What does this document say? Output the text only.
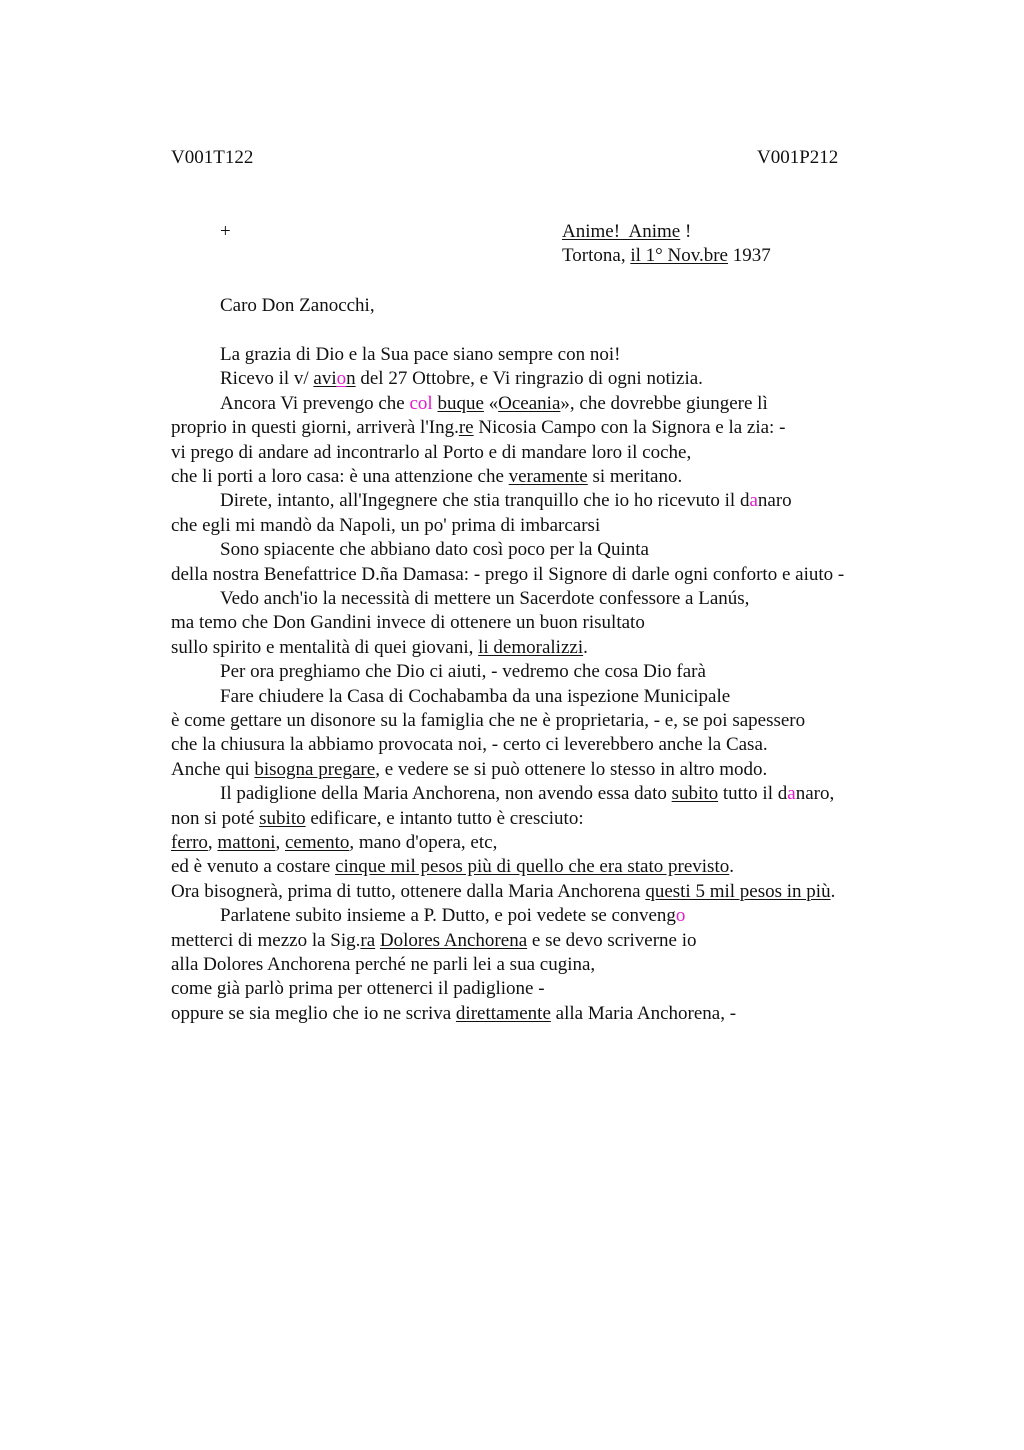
V001T122	V001P212
+	Anime! Anime !
Tortona, il 1° Nov.bre 1937
Caro Don Zanocchi,
La grazia di Dio e la Sua pace siano sempre con noi!
Ricevo il v/ avion del 27 Ottobre, e Vi ringrazio di ogni notizia.
Ancora Vi prevengo che col buque «Oceania», che dovrebbe giungere lì
proprio in questi giorni, arriverà l'Ing.re Nicosia Campo con la Signora e la zia: -
vi prego di andare ad incontrarlo al Porto e di mandare loro il coche,
che li porti a loro casa: è una attenzione che veramente si meritano.
Direte, intanto, all'Ingegnere che stia tranquillo che io ho ricevuto il danaro
che egli mi mandò da Napoli, un po' prima di imbarcarsi
Sono spiacente che abbiano dato così poco per la Quinta
della nostra Benefattrice D.ña Damasa: - prego il Signore di darle ogni conforto e aiuto -
Vedo anch'io la necessità di mettere un Sacerdote confessore a Lanús,
ma temo che Don Gandini invece di ottenere un buon risultato
sullo spirito e mentalità di quei giovani, li demoralizzi.
Per ora preghiamo che Dio ci aiuti, - vedremo che cosa Dio farà
Fare chiudere la Casa di Cochabamba da una ispezione Municipale
è come gettare un disonore su la famiglia che ne è proprietaria, - e, se poi sapessero
che la chiusura la abbiamo provocata noi, - certo ci leverebbero anche la Casa.
Anche qui bisogna pregare, e vedere se si può ottenere lo stesso in altro modo.
Il padiglione della Maria Anchorena, non avendo essa dato subito tutto il danaro,
non si poté subito edificare, e intanto tutto è cresciuto:
ferro, mattoni, cemento, mano d'opera, etc,
ed è venuto a costare cinque mil pesos più di quello che era stato previsto.
Ora bisognerà, prima di tutto, ottenere dalla Maria Anchorena questi 5 mil pesos in più.
Parlatene subito insieme a P. Dutto, e poi vedete se convengo
metterci di mezzo la Sig.ra Dolores Anchorena e se devo scriverne io
alla Dolores Anchorena perché ne parli lei a sua cugina,
come già parlò prima per ottenerci il padiglione -
oppure se sia meglio che io ne scriva direttamente alla Maria Anchorena, -
